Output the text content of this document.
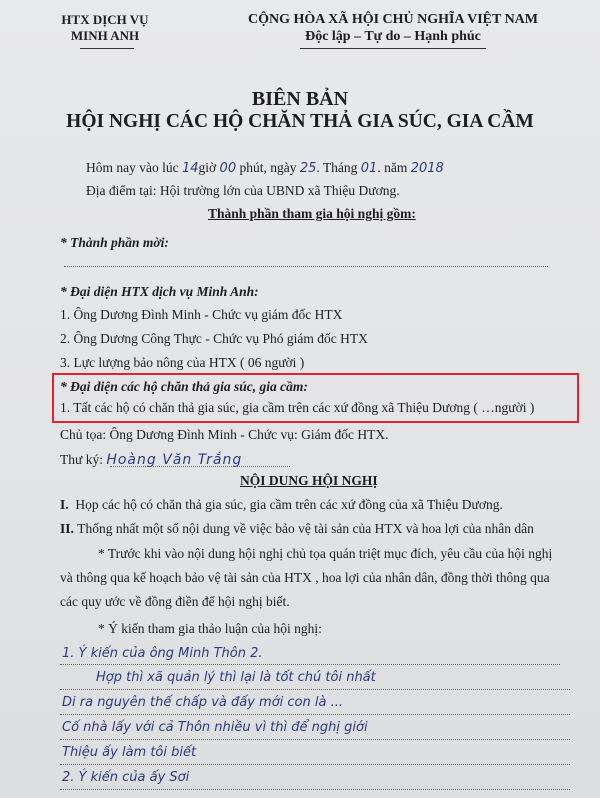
HTX DỊCH VỤ
MINH ANH
CỘNG HÒA XÃ HỘI CHỦ NGHĨA VIỆT NAM
Độc lập – Tự do – Hạnh phúc
BIÊN BẢN
HỘI NGHỊ CÁC HỘ CHĂN THẢ GIA SÚC, GIA CẦM
Hôm nay vào lúc 14giờ 00 phút, ngày 25. Tháng 01. năm 2018
Địa điểm tại: Hội trường lớn của UBND xã Thiệu Dương.
Thành phần tham gia hội nghị gồm:
* Thành phần mời:
* Đại diện HTX dịch vụ Minh Anh:
1. Ông Dương Đình Minh - Chức vụ giám đốc HTX
2. Ông Dương Công Thực - Chức vụ Phó giám đốc HTX
3. Lực lượng bảo nông của HTX ( 06 người )
* Đại diện các hộ chăn thả gia súc, gia cầm:
1. Tất các hộ có chăn thả gia súc, gia cầm trên các xứ đồng xã Thiệu Dương ( …người )
Chủ tọa: Ông Dương Đình Minh - Chức vụ: Giám đốc HTX.
Thư ký: Hoàng Văn Trắng
NỘI DUNG HỘI NGHỊ
I. Họp các hộ có chăn thả gia súc, gia cầm trên các xứ đồng của xã Thiệu Dương.
II. Thống nhất một số nội dung về việc bảo vệ tài sản của HTX và hoa lợi của nhân dân
* Trước khi vào nội dung hội nghị chủ tọa quán triệt mục đích, yêu cầu của hội nghị
và thông qua kế hoạch bảo vệ tài sản của HTX , hoa lợi của nhân dân, đồng thời thông qua
các quy ước về đồng điền để hội nghị biết.
* Ý kiến tham gia thảo luận của hội nghị:
1. Ý kiến của ông Minh Thôn 2.
Hợp thì xã quản lý thì lại là tốt chú tôi nhất
Di ra nguyên thế chấp và đấy mới con là ...
Cố nhà lấy với cả Thôn nhiều vì thì để nghị giới
Thiệu ấy làm tôi biết
2. Ý kiến của ấy Sơi
